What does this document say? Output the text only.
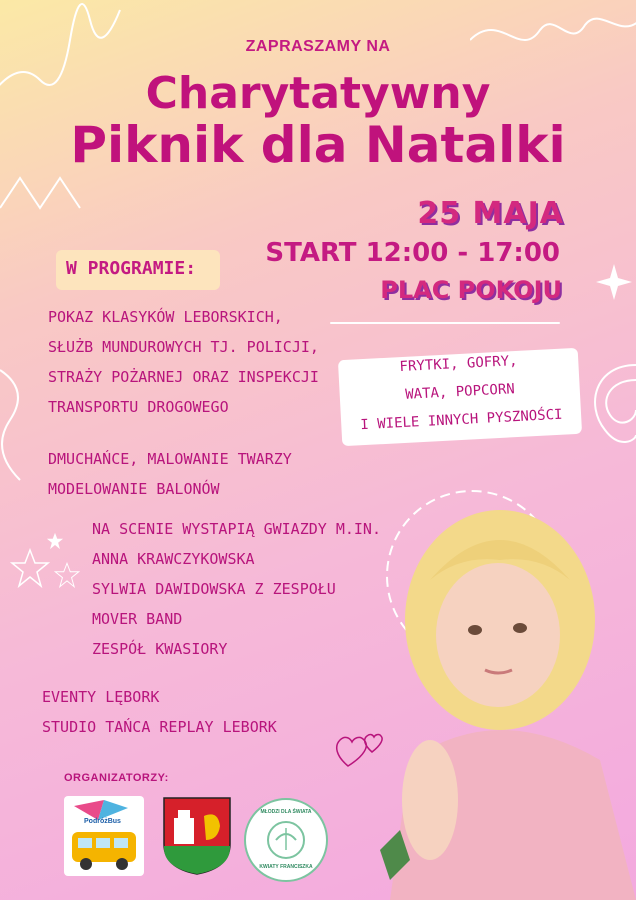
ZAPRASZAMY NA
Charytatywny
Piknik dla Natalki
25 MAJA
START 12:00 - 17:00
PLAC POKOJU
W PROGRAMIE:
POKAZ KLASYKÓW LEBORSKICH,
SŁUŻB MUNDUROWYCH TJ. POLICJI,
STRAŻY POŻARNEJ ORAZ INSPEKCJI
TRANSPORTU DROGOWEGO
DMUCHAŃCE, MALOWANIE TWARZY
MODELOWANIE BALONÓW
NA SCENIE WYSTAPIĄ GWIAZDY M.IN.
ANNA KRAWCZYKOWSKA
SYLWIA DAWIDOWSKA Z ZESPOŁU
MOVER BAND
ZESPÓŁ KWASIORY
EVENTY LĘBORK
STUDIO TAŃCA REPLAY LEBORK
FRYTKI, GOFRY,
WATA, POPCORN
I WIELE INNYCH PYSZNOŚCI
ORGANIZATORZY:
PodróżBus
MŁODZI DLA ŚWIATA
KWIATY FRANCISZKA
